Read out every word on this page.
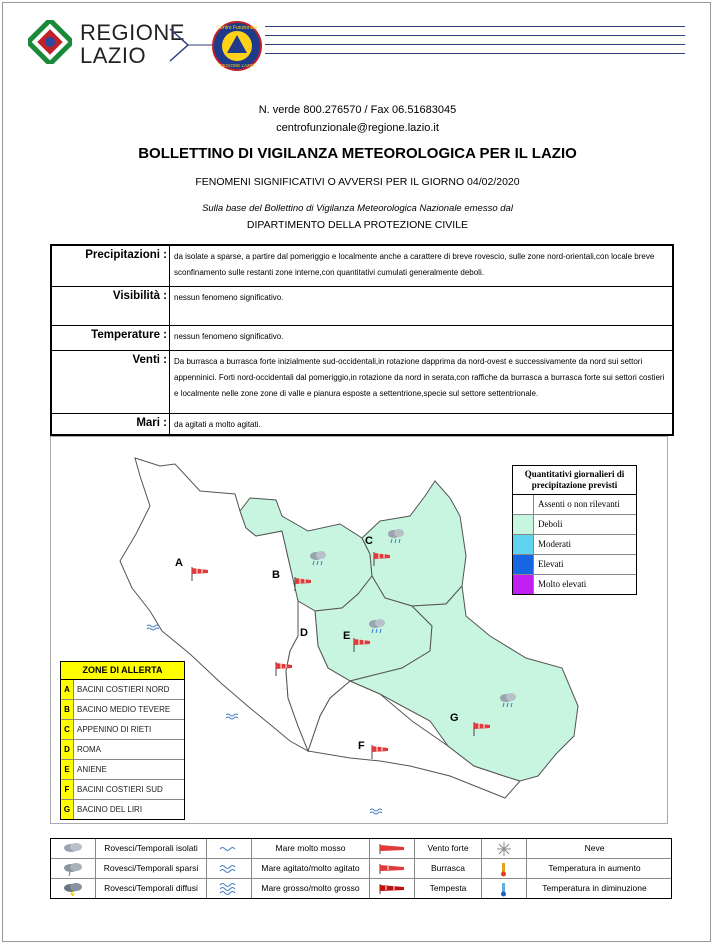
REGIONE
LAZIO
Centro Funzionale
REGIONE LAZIO
N. verde 800.276570 / Fax 06.51683045
centrofunzionale@regione.lazio.it
BOLLETTINO DI VIGILANZA METEOROLOGICA PER IL LAZIO
FENOMENI SIGNIFICATIVI O AVVERSI PER IL GIORNO 04/02/2020
Sulla base del Bollettino di Vigilanza Meteorologica Nazionale emesso dal
DIPARTIMENTO DELLA PROTEZIONE CIVILE
Precipitazioni : da isolate a sparse, a partire dal pomeriggio e localmente anche a carattere di breve rovescio, sulle zone nord-orientali,con locale breve sconfinamento sulle restanti zone interne,con quantitativi cumulati generalmente deboli.
Visibilità : nessun fenomeno significativo.
Temperature : nessun fenomeno significativo.
Venti : Da burrasca a burrasca forte inizialmente sud-occidentali,in rotazione dapprima da nord-ovest e successivamente da nord sui settori appenninici. Forti nord-occidentali dal pomeriggio,in rotazione da nord in serata,con raffiche da burrasca a burrasca forte sui settori costieri e localmente nelle zone zone di valle e pianura esposte a settentrione,specie sul settore settentrionale.
Mari : da agitati a molto agitati.
A
B
C
D	E
F
G
ZONE DI ALLERTA
A BACINI COSTIERI NORD
B BACINO MEDIO TEVERE
C APPENINO DI RIETI
D ROMA
E ANIENE
F BACINI COSTIERI SUD
G BACINO DEL LIRI
Quantitativi giornalieri di precipitazione previsti
Assenti o non rilevanti
Deboli
Moderati
Elevati
Molto elevati
Rovesci/Temporali isolati	Mare molto mosso	Vento forte	Neve
Rovesci/Temporali sparsi	Mare agitato/molto agitato	Burrasca	Temperatura in aumento
Rovesci/Temporali diffusi	Mare grosso/molto grosso	Tempesta	Temperatura in diminuzione
